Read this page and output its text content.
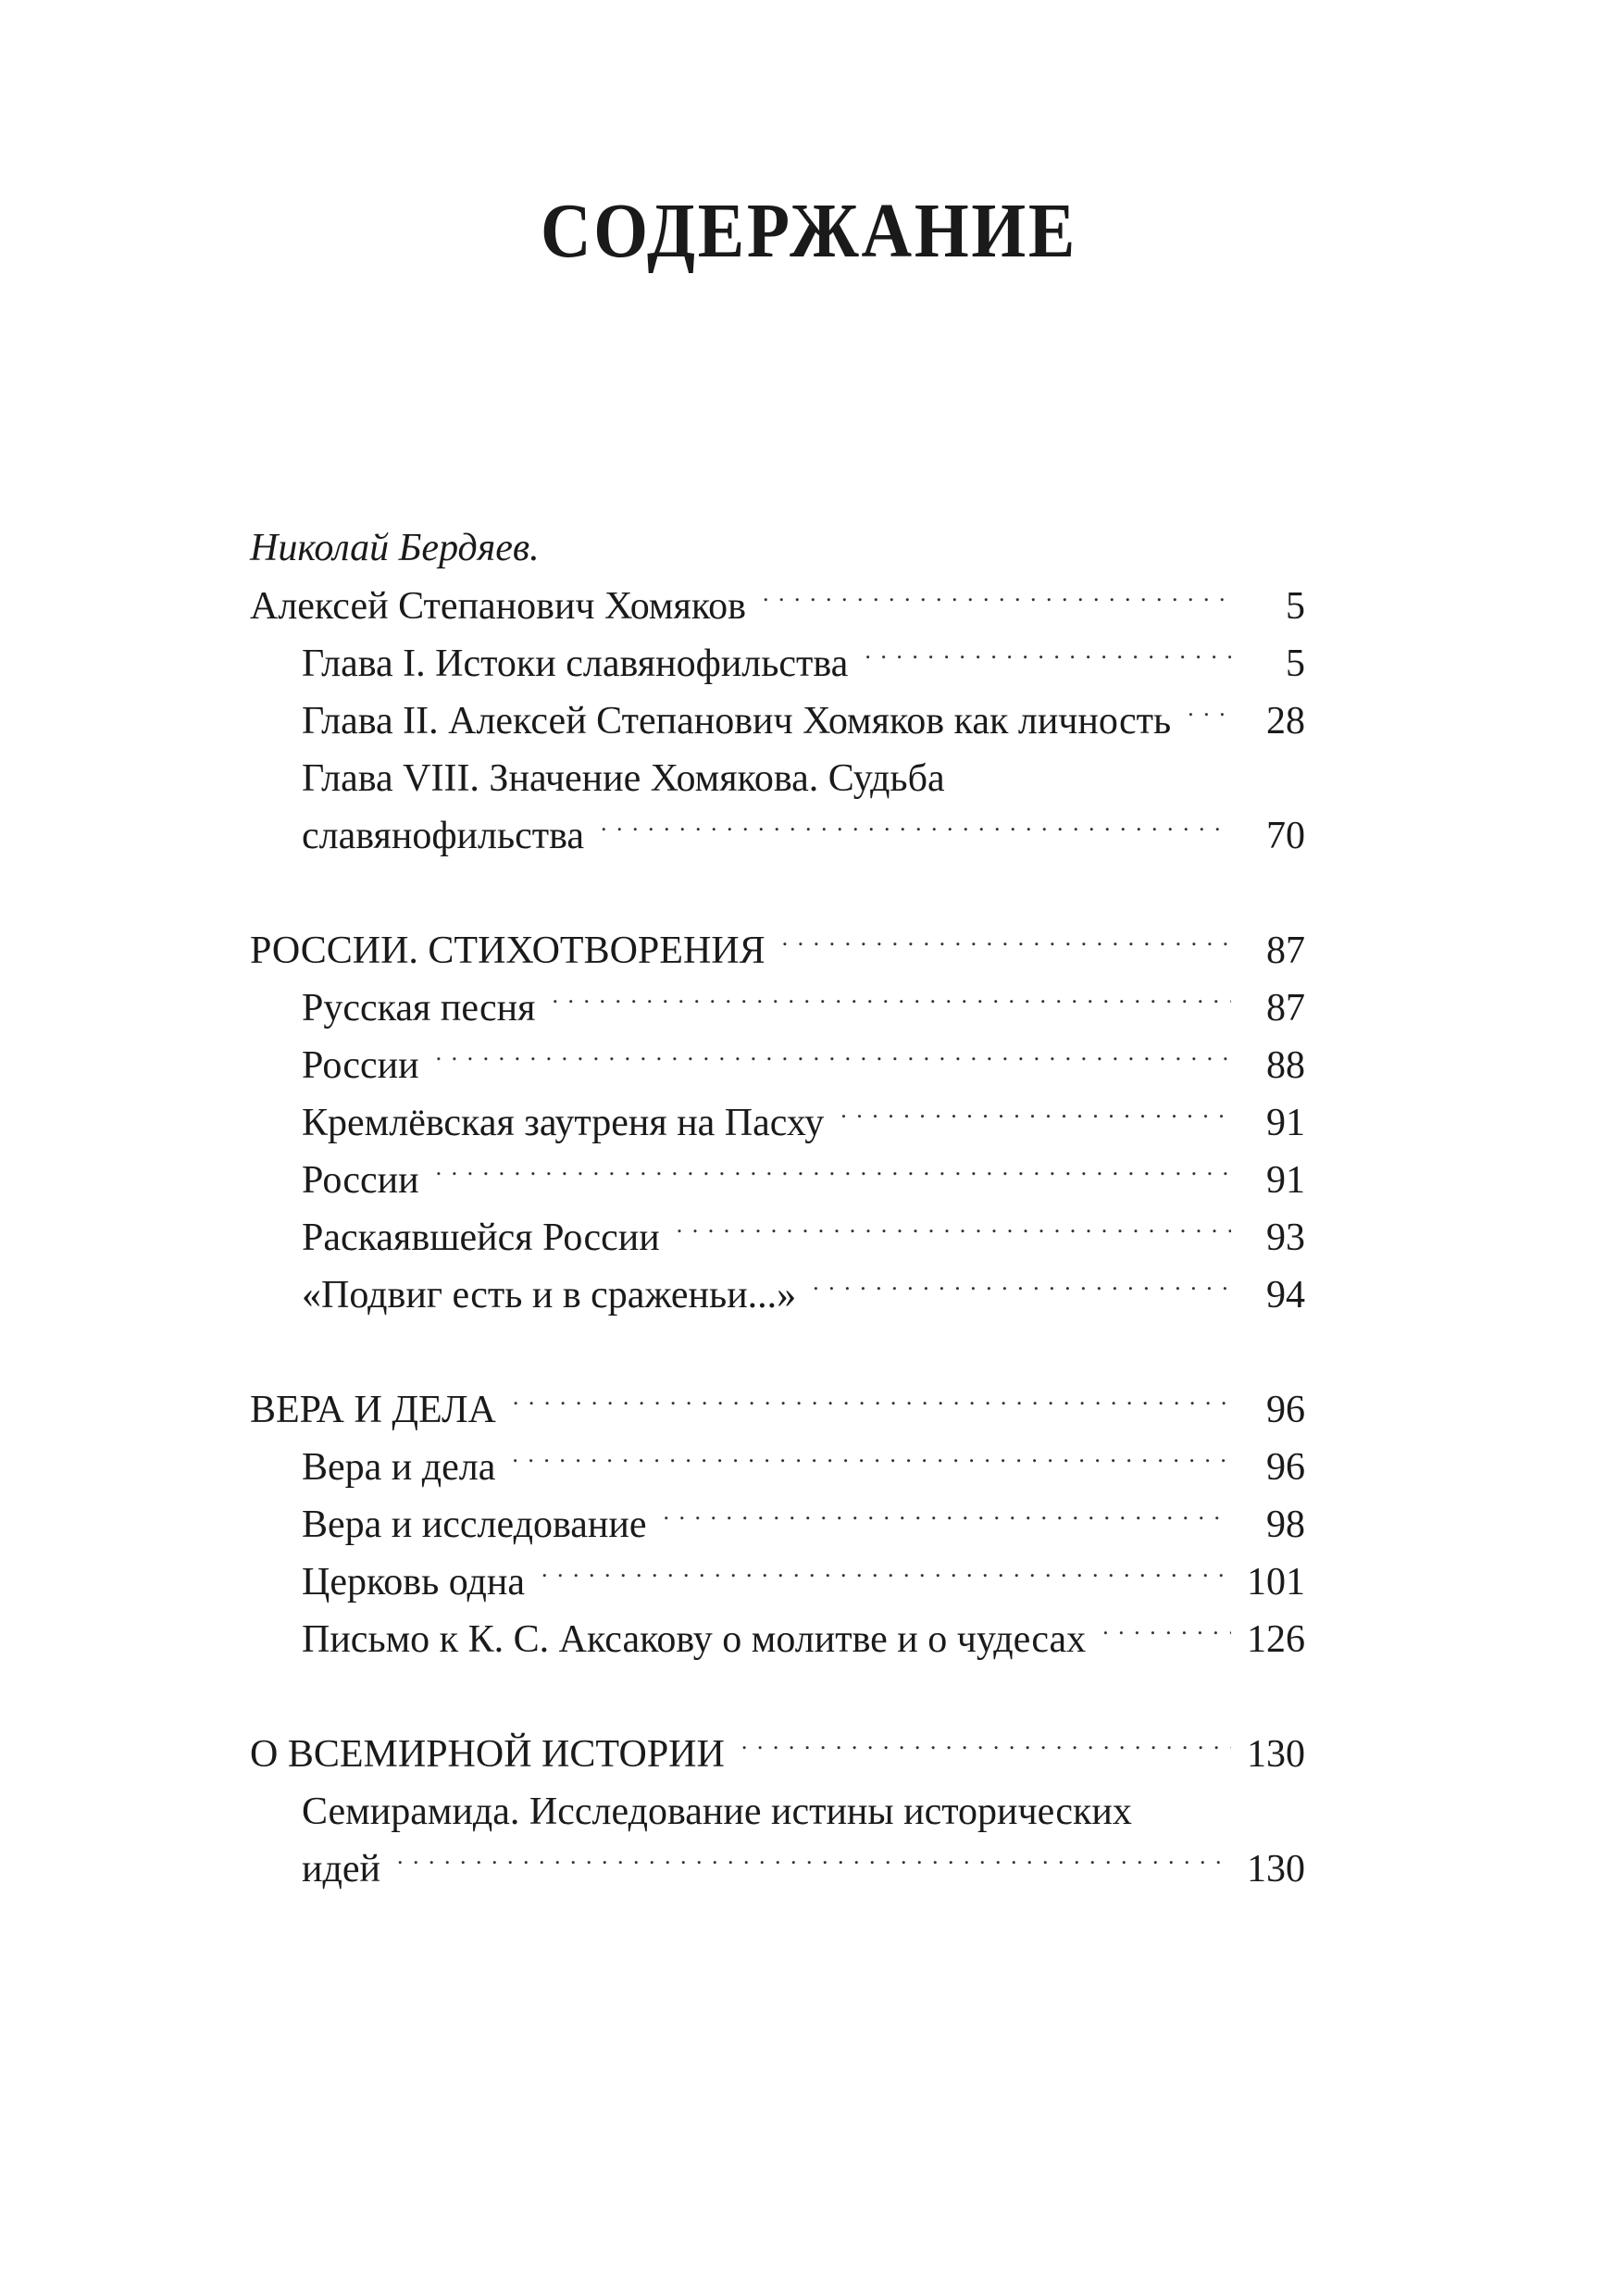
СОДЕРЖАНИЕ
Николай Бердяев.
Алексей Степанович Хомяков . . .	5
Глава I. Истоки славянофильства . . .	5
Глава II. Алексей Степанович Хомяков как личность . . .	28
Глава VIII. Значение Хомякова. Судьба
славянофильства . . .	70
РОССИИ. СТИХОТВОРЕНИЯ . . .	87
Русская песня . . .	87
России . . .	88
Кремлёвская заутреня на Пасху . . .	91
России . . .	91
Раскаявшейся России . . .	93
«Подвиг есть и в сраженьи...» . . .	94
ВЕРА И ДЕЛА . . .	96
Вера и дела . . .	96
Вера и исследование . . .	98
Церковь одна . . .	101
Письмо к К. С. Аксакову о молитве и о чудесах . . .	126
О ВСЕМИРНОЙ ИСТОРИИ . . .	130
Семирамида. Исследование истины исторических
идей . . .	130
